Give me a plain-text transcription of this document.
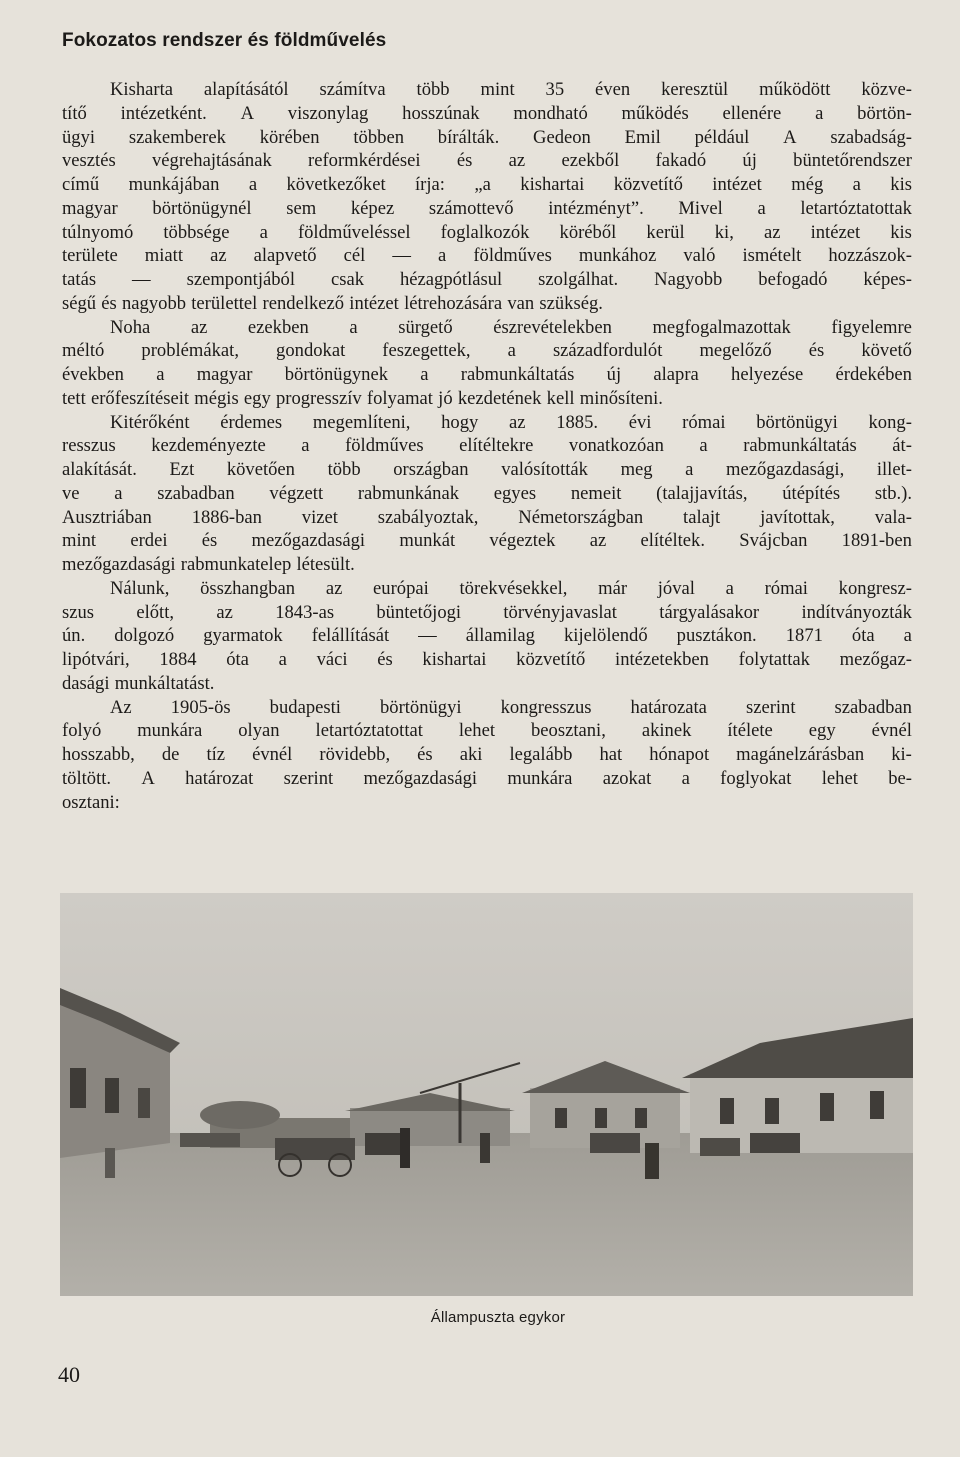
Fokozatos rendszer és földművelés
Kisharta alapításától számítva több mint 35 éven keresztül működött közve-
títő intézetként. A viszonylag hosszúnak mondható működés ellenére a börtön-
ügyi szakemberek körében többen bírálták. Gedeon Emil például A szabadság-
vesztés végrehajtásának reformkérdései és az ezekből fakadó új büntetőrendszer
című munkájában a következőket írja: „a kishartai közvetítő intézet még a kis
magyar börtönügynél sem képez számottevő intézményt”. Mivel a letartóztatottak
túlnyomó többsége a földműveléssel foglalkozók köréből kerül ki, az intézet kis
területe miatt az alapvető cél — a földműves munkához való ismételt hozzászok-
tatás — szempontjából csak hézagpótlásul szolgálhat. Nagyobb befogadó képes-
ségű és nagyobb területtel rendelkező intézet létrehozására van szükség.
Noha az ezekben a sürgető észrevételekben megfogalmazottak figyelemre
méltó problémákat, gondokat feszegettek, a századfordulót megelőző és követő
években a magyar börtönügynek a rabmunkáltatás új alapra helyezése érdekében
tett erőfeszítéseit mégis egy progresszív folyamat jó kezdetének kell minősíteni.
Kitérőként érdemes megemlíteni, hogy az 1885. évi római börtönügyi kong-
resszus kezdeményezte a földműves elítéltekre vonatkozóan a rabmunkáltatás át-
alakítását. Ezt követően több országban valósították meg a mezőgazdasági, illet-
ve a szabadban végzett rabmunkának egyes nemeit (talajjavítás, útépítés stb.).
Ausztriában 1886-ban vizet szabályoztak, Németországban talajt javítottak, vala-
mint erdei és mezőgazdasági munkát végeztek az elítéltek. Svájcban 1891-ben
mezőgazdasági rabmunkatelep létesült.
Nálunk, összhangban az európai törekvésekkel, már jóval a római kongresz-
szus előtt, az 1843-as büntetőjogi törvényjavaslat tárgyalásakor indítványozták
ún. dolgozó gyarmatok felállítását — államilag kijelölendő pusztákon. 1871 óta a
lipótvári, 1884 óta a váci és kishartai közvetítő intézetekben folytattak mezőgaz-
dasági munkáltatást.
Az 1905-ös budapesti börtönügyi kongresszus határozata szerint szabadban
folyó munkára olyan letartóztatottat lehet beosztani, akinek ítélete egy évnél
hosszabb, de tíz évnél rövidebb, és aki legalább hat hónapot magánelzárásban ki-
töltött. A határozat szerint mezőgazdasági munkára azokat a foglyokat lehet be-
osztani:
Állampuszta egykor
40
